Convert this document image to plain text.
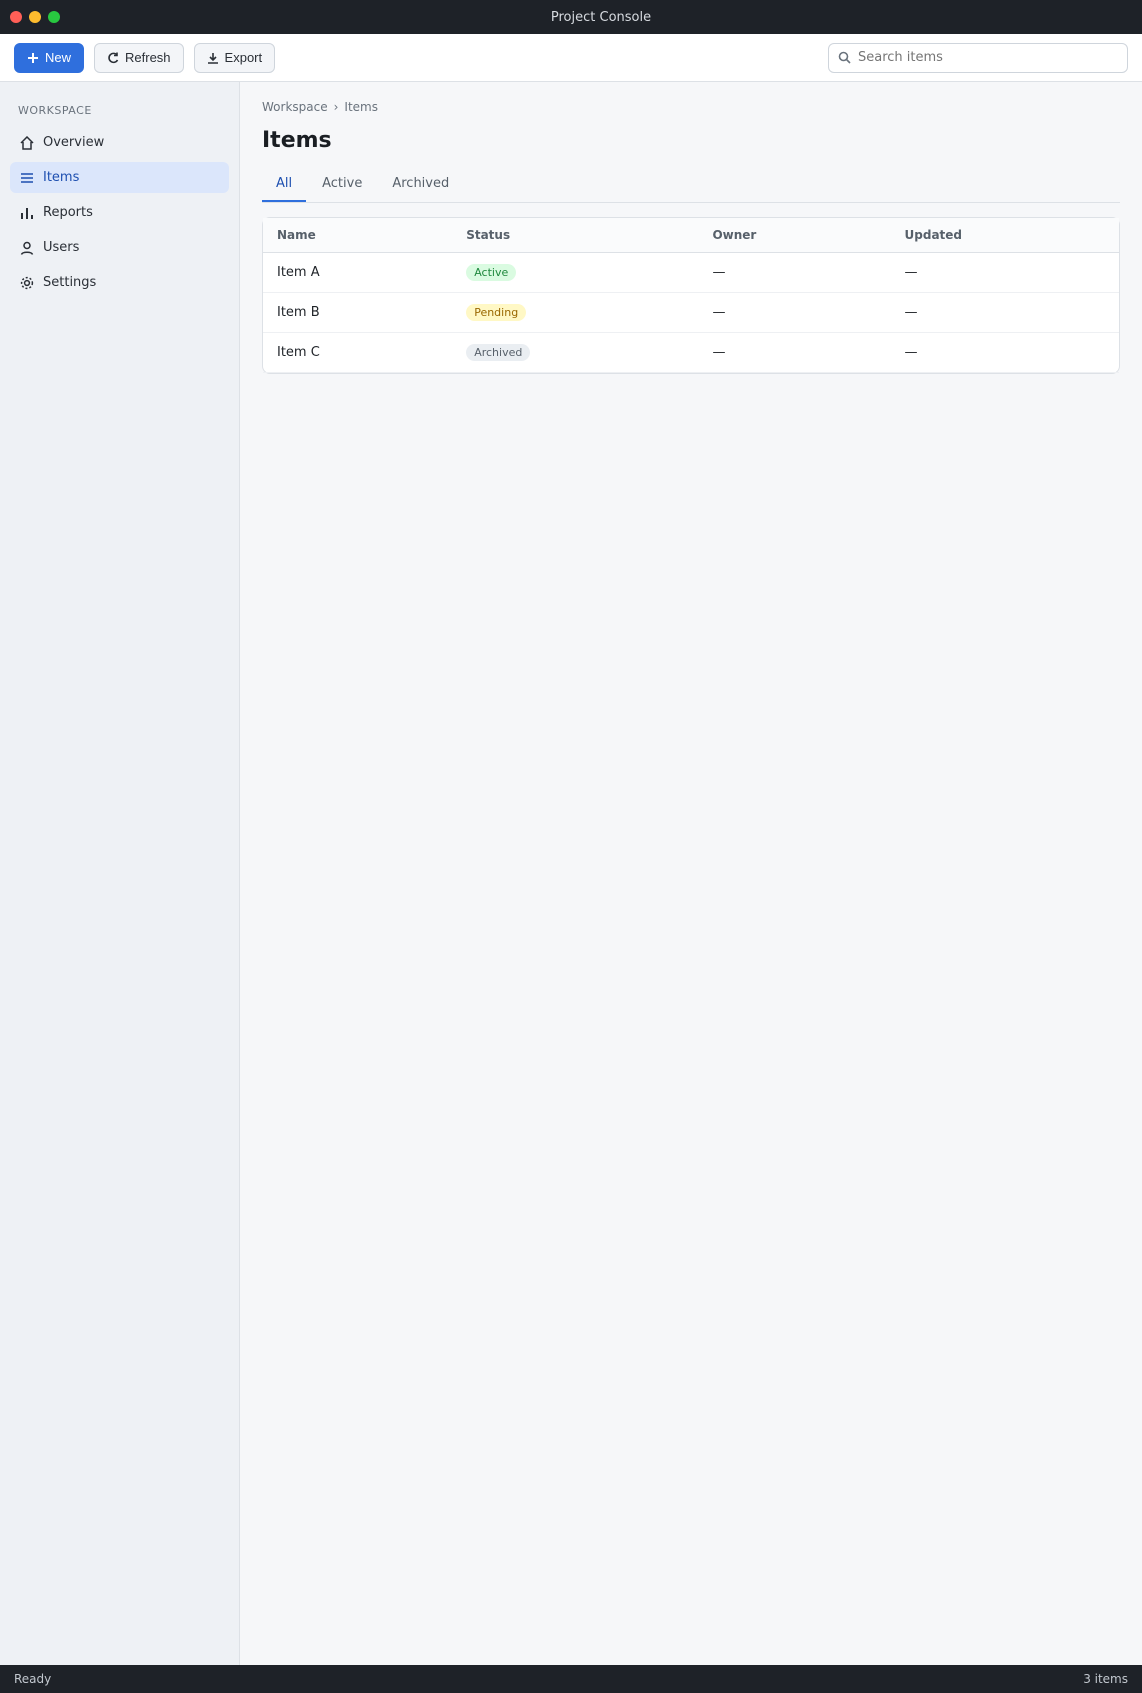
Project Console
New	Refresh	Export
Search items
WORKSPACE
Overview
Items
Reports
Users
Settings
Workspace › Items
Items
All	Active	Archived
Name	Status	Owner	Updated
Item A	Active	—	—
Item B	Pending	—	—
Item C	Archived	—	—
Ready	3 items
